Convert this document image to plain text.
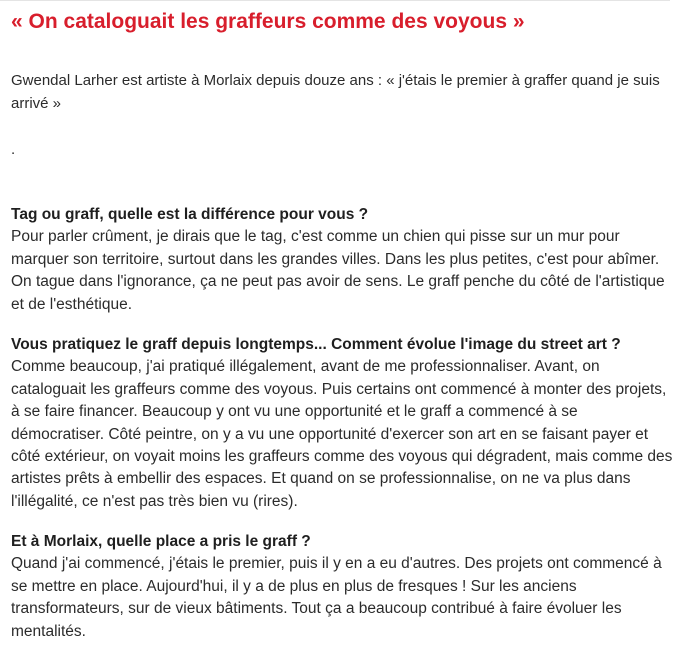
« On cataloguait les graffeurs comme des voyous »

Gwendal Larher est artiste à Morlaix depuis douze ans : « j'étais le premier à graffer quand je suis arrivé »

.

Tag ou graff, quelle est la différence pour vous ?
Pour parler crûment, je dirais que le tag, c'est comme un chien qui pisse sur un mur pour marquer son territoire, surtout dans les grandes villes. Dans les plus petites, c'est pour abîmer. On tague dans l'ignorance, ça ne peut pas avoir de sens. Le graff penche du côté de l'artistique et de l'esthétique.

Vous pratiquez le graff depuis longtemps... Comment évolue l'image du street art ?
Comme beaucoup, j'ai pratiqué illégalement, avant de me professionnaliser. Avant, on cataloguait les graffeurs comme des voyous. Puis certains ont commencé à monter des projets, à se faire financer. Beaucoup y ont vu une opportunité et le graff a commencé à se démocratiser. Côté peintre, on y a vu une opportunité d'exercer son art en se faisant payer et côté extérieur, on voyait moins les graffeurs comme des voyous qui dégradent, mais comme des artistes prêts à embellir des espaces. Et quand on se professionnalise, on ne va plus dans l'illégalité, ce n'est pas très bien vu (rires).

Et à Morlaix, quelle place a pris le graff ?
Quand j'ai commencé, j'étais le premier, puis il y en a eu d'autres. Des projets ont commencé à se mettre en place. Aujourd'hui, il y a de plus en plus de fresques ! Sur les anciens transformateurs, sur de vieux bâtiments. Tout ça a beaucoup contribué à faire évoluer les mentalités.
